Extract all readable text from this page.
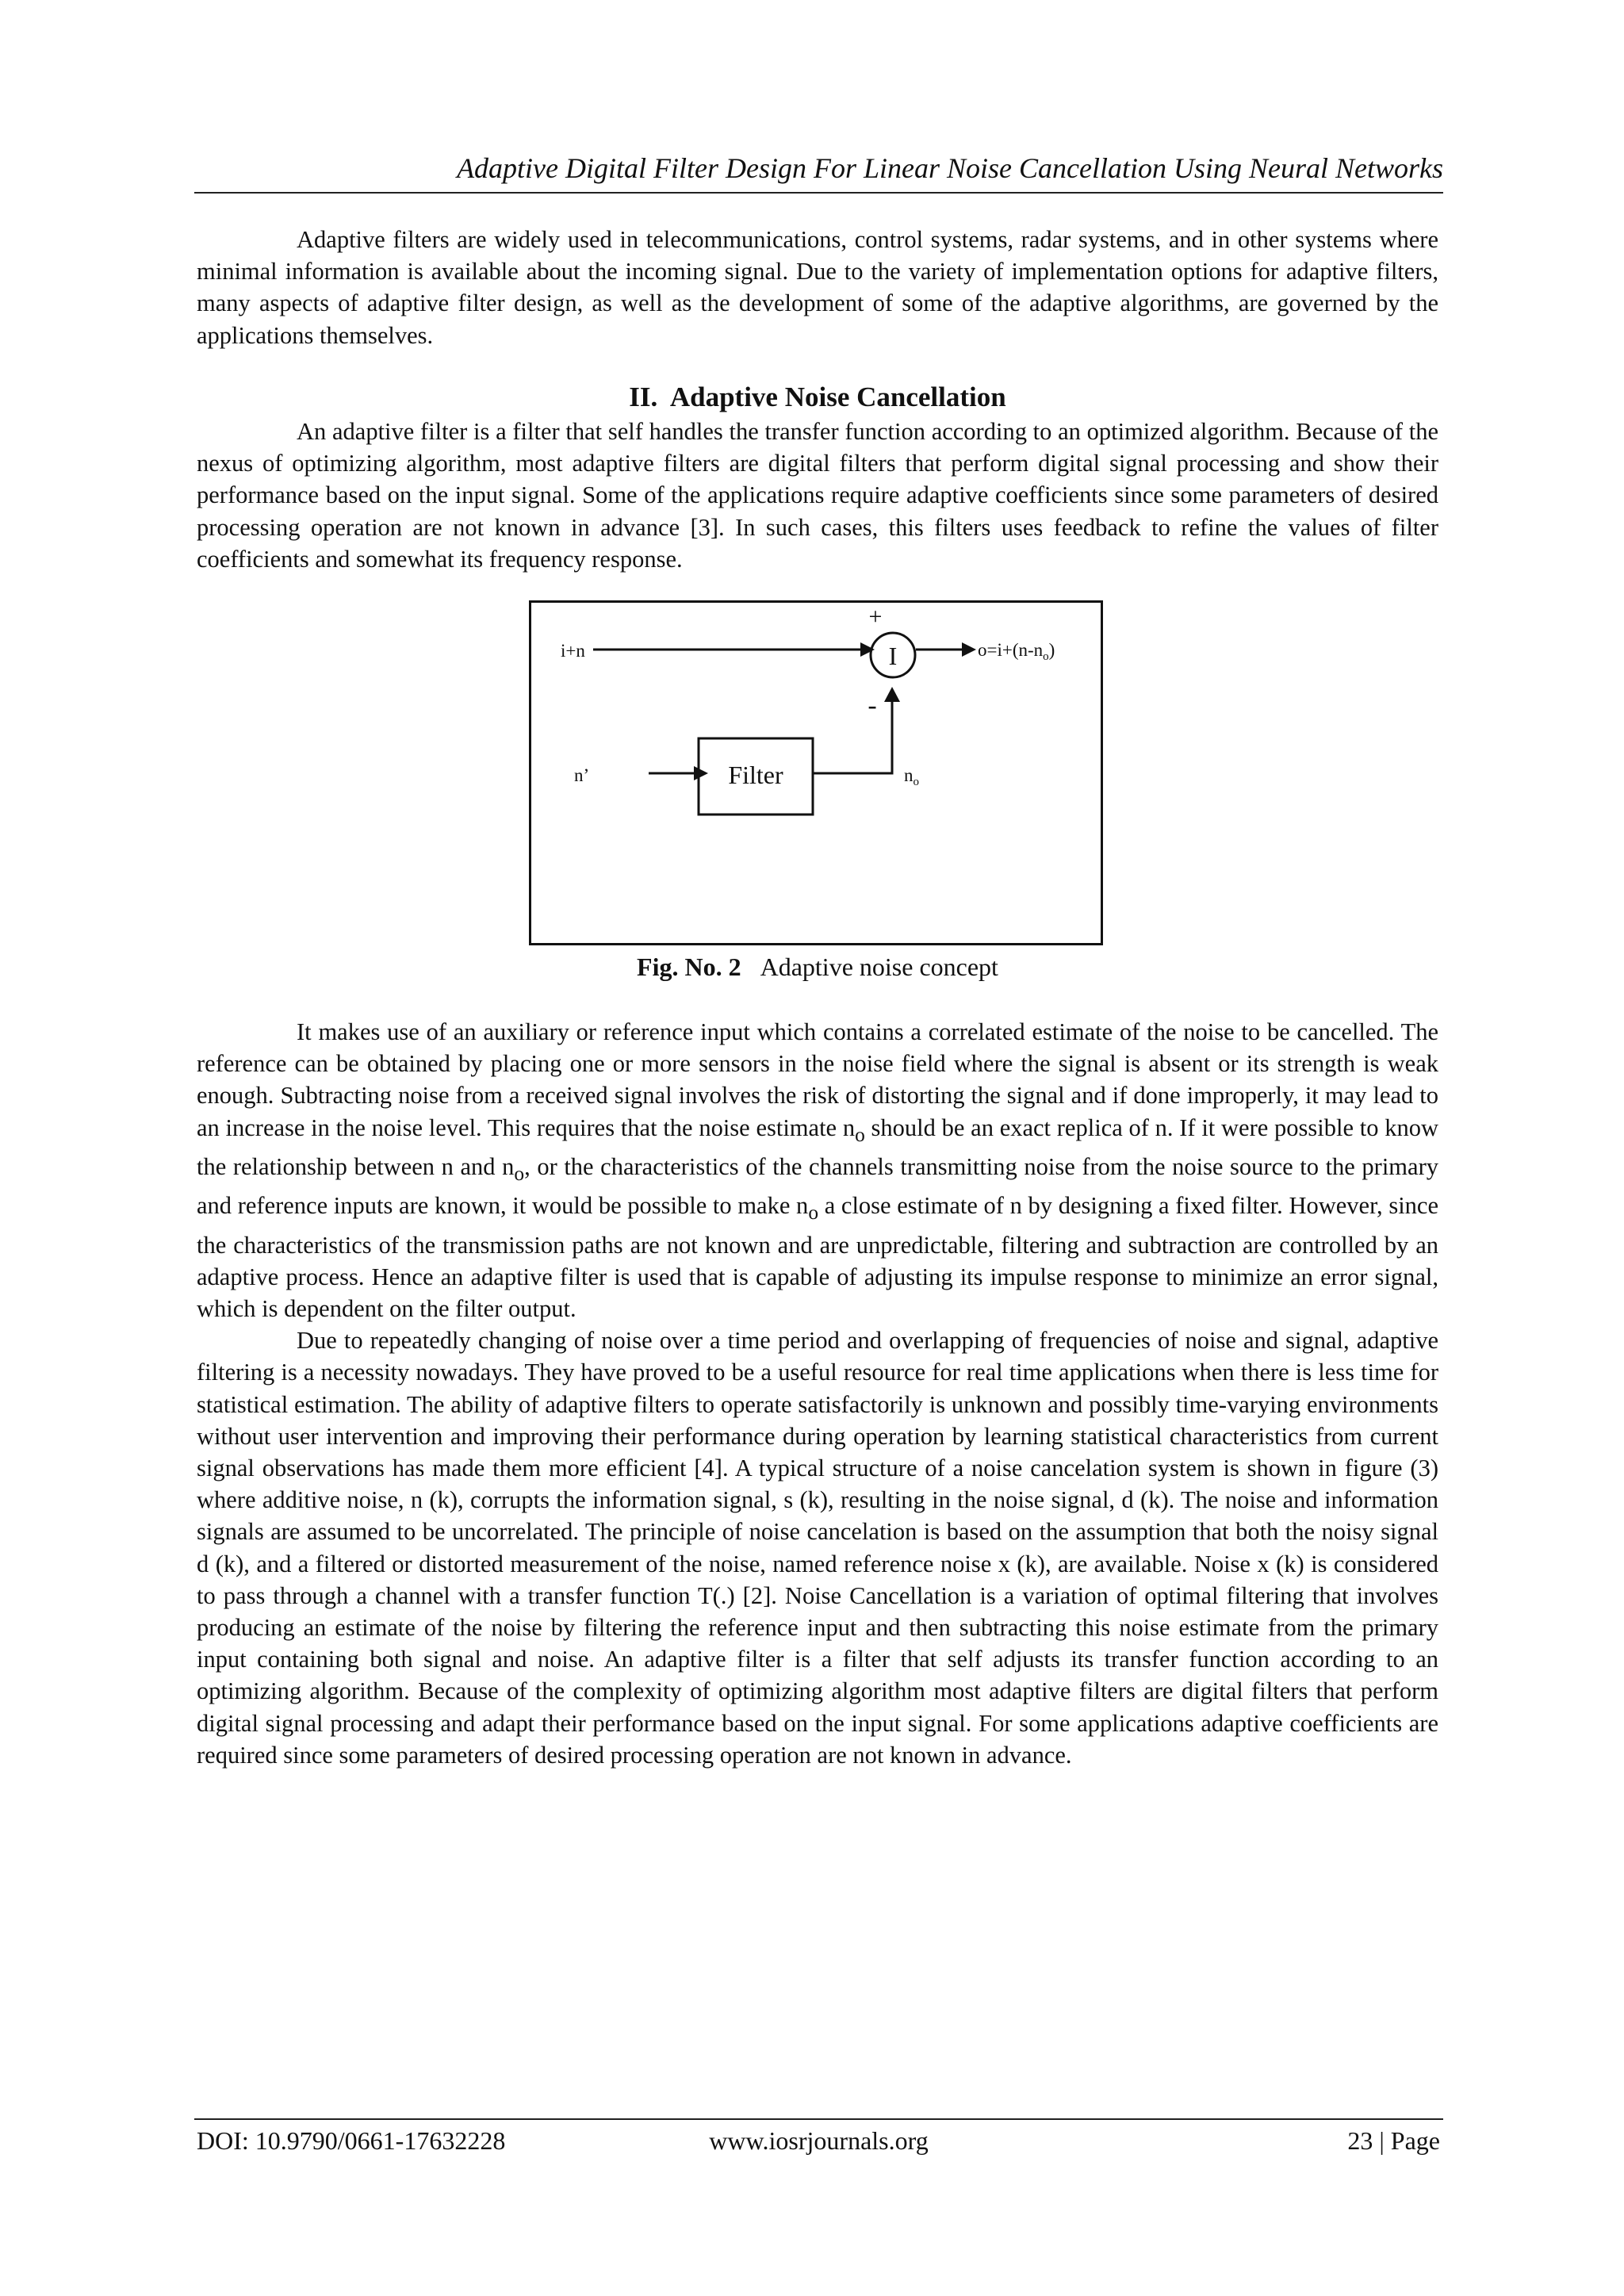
Adaptive Digital Filter Design For Linear Noise Cancellation Using Neural Networks

Adaptive filters are widely used in telecommunications, control systems, radar systems, and in other systems where minimal information is available about the incoming signal. Due to the variety of implementation options for adaptive filters, many aspects of adaptive filter design, as well as the development of some of the adaptive algorithms, are governed by the applications themselves.

II. Adaptive Noise Cancellation

An adaptive filter is a filter that self handles the transfer function according to an optimized algorithm. Because of the nexus of optimizing algorithm, most adaptive filters are digital filters that perform digital signal processing and show their performance based on the input signal. Some of the applications require adaptive coefficients since some parameters of desired processing operation are not known in advance [3]. In such cases, this filters uses feedback to refine the values of filter coefficients and somewhat its frequency response.

I
+
-
Filter
i+n
n’
$o=i+(n-n_o)$
$n_o$
Fig. No. 2 Adaptive noise concept

It makes use of an auxiliary or reference input which contains a correlated estimate of the noise to be cancelled. The reference can be obtained by placing one or more sensors in the noise field where the signal is absent or its strength is weak enough. Subtracting noise from a received signal involves the risk of distorting the signal and if done improperly, it may lead to an increase in the noise level. This requires that the noise estimate $n_o$ should be an exact replica of n. If it were possible to know the relationship between n and $n_o$, or the characteristics of the channels transmitting noise from the noise source to the primary and reference inputs are known, it would be possible to make $n_o$ a close estimate of n by designing a fixed filter. However, since the characteristics of the transmission paths are not known and are unpredictable, filtering and subtraction are controlled by an adaptive process. Hence an adaptive filter is used that is capable of adjusting its impulse response to minimize an error signal, which is dependent on the filter output.

Due to repeatedly changing of noise over a time period and overlapping of frequencies of noise and signal, adaptive filtering is a necessity nowadays. They have proved to be a useful resource for real time applications when there is less time for statistical estimation. The ability of adaptive filters to operate satisfactorily is unknown and possibly time-varying environments without user intervention and improving their performance during operation by learning statistical characteristics from current signal observations has made them more efficient [4]. A typical structure of a noise cancelation system is shown in figure (3) where additive noise, n (k), corrupts the information signal, s (k), resulting in the noise signal, d (k). The noise and information signals are assumed to be uncorrelated. The principle of noise cancelation is based on the assumption that both the noisy signal d (k), and a filtered or distorted measurement of the noise, named reference noise x (k), are available. Noise x (k) is considered to pass through a channel with a transfer function T(.) [2]. Noise Cancellation is a variation of optimal filtering that involves producing an estimate of the noise by filtering the reference input and then subtracting this noise estimate from the primary input containing both signal and noise. An adaptive filter is a filter that self adjusts its transfer function according to an optimizing algorithm. Because of the complexity of optimizing algorithm most adaptive filters are digital filters that perform digital signal processing and adapt their performance based on the input signal. For some applications adaptive coefficients are required since some parameters of desired processing operation are not known in advance.

DOI: 10.9790/0661-17632228	www.iosrjournals.org	23 | Page
